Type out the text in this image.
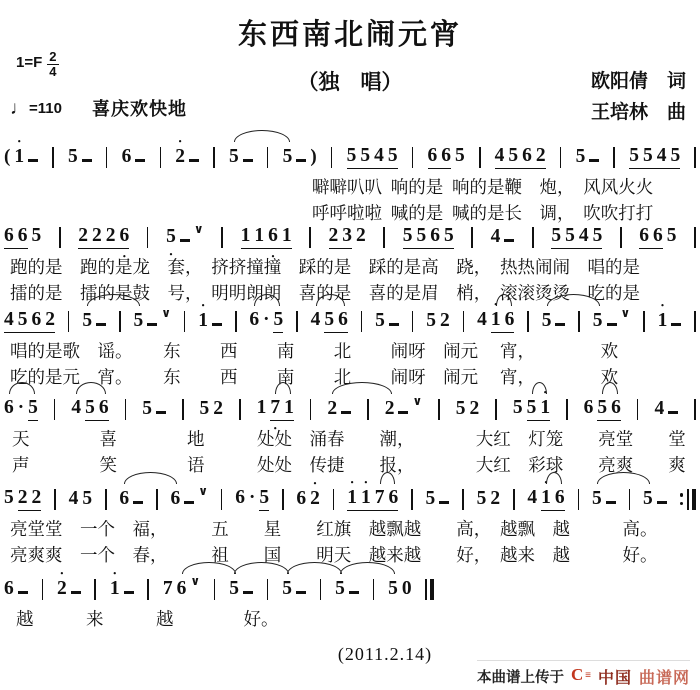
东西南北闹元宵
（独　唱）
$1=F \frac{2}{4}$
♩ =110 喜庆欢快地
欧阳倩　词
王培林　曲
( • 1 5 6 • 2 5 5 ) 5 5 4 5 6 6 5 4 5 6 2 5 5 5 4 5
噼噼叭叭  响的是  响的是鞭　炮，　风风火火
呼呼啦啦  喊的是  喊的是长　调，　吹吹打打
6 6 5 2 2 2 6 • 5 • ∨ 1 1 6 • 1 2 3 2 5 5 6 5 4	5 5 4 5 6 6 5
跑的是　跑的是龙　套，　挤挤撞撞　踩的是　踩的是高　跷，　热热闹闹　唱的是
擂的是　擂的是鼓　号，　明明朗朗　喜的是　喜的是眉　梢，　滚滚烫烫　吃的是
4 5 6 2 5 5 ∨ • 1 6 · 5 4 5 6 5 5 2 4 • 1 6 5 5 ∨ • 1
唱的是歌　谣。　　 东　　 西　　 南　　 北　　 闹呀　闹元　 宵，　　　　 欢
吃的是元　宵。　　 东　　 西　　 南　　 北　　 闹呀　闹元　 宵，　　　　 欢
6 · 5 4 5 6 5 5 2 1 7 • 1 2 2 ∨ 5 2 5 5 • 1 6 5 6 4
天　　　　喜　　　　地　　　处处　涌春　　潮，　　　　大红　灯笼　　亮堂　　堂
声　　　　笑　　　　语　　　处处　传捷　　报，　　　　大红　彩球　　亮爽　　爽
5 2 2 4 5 6 6 ∨ 6 · 5 6 • 2 • 1 • 1 7 6 5 5 2 4 • 1 6 5 5
亮堂堂　一个　福，　　　五　　星　　红旗　越飘越　　高，　越飘　越　　　高。
亮爽爽　一个　春，　　　祖　　国　　明天　越来越　　好，　越来　越　　　好。
6 • 2 • 1 7 6 ∨ 5 5 5 5 0
越　　　来　　　越　　　　好。
(2011.2.14)
本曲谱上传于 C ≡ 中国 曲谱网
